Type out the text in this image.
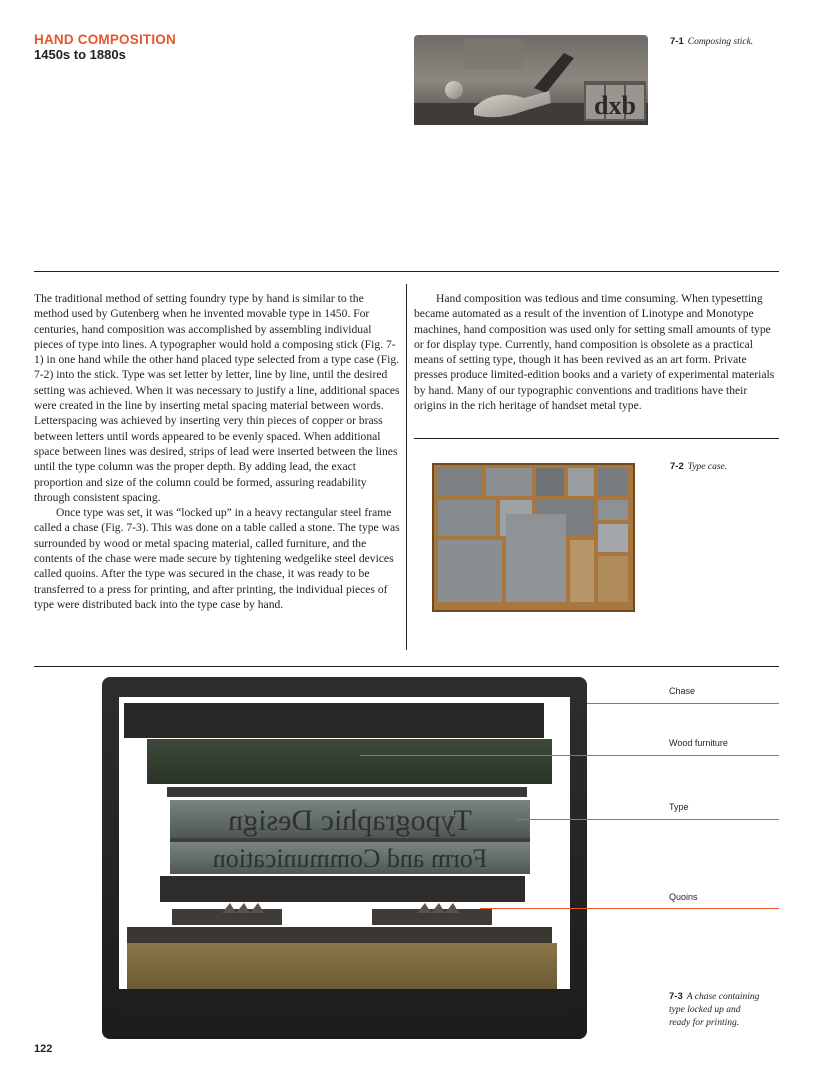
HAND COMPOSITION
1450s to 1880s
dxb
7-1 Composing stick.

The traditional method of setting foundry type by hand is similar to the method used by Gutenberg when he invented movable type in 1450. For centuries, hand composition was accomplished by assembling individual pieces of type into lines. A typographer would hold a composing stick (Fig. 7-1) in one hand while the other hand placed type selected from a type case (Fig. 7-2) into the stick. Type was set letter by letter, line by line, until the desired setting was achieved. When it was necessary to justify a line, additional spaces were created in the line by inserting metal spacing material between words. Letterspacing was achieved by inserting very thin pieces of copper or brass between letters until words appeared to be evenly spaced. When additional space between lines was desired, strips of lead were inserted between the lines until the type column was the proper depth. By adding lead, the exact proportion and size of the column could be formed, assuring readability through consistent spacing.

Once type was set, it was “locked up” in a heavy rectangular steel frame called a chase (Fig. 7-3). This was done on a table called a stone. The type was surrounded by wood or metal spacing material, called furniture, and the contents of the chase were made secure by tightening wedgelike steel devices called quoins. After the type was secured in the chase, it was ready to be transferred to a press for printing, and after printing, the individual pieces of type were distributed back into the type case by hand.

Hand composition was tedious and time consuming. When typesetting became automated as a result of the invention of Linotype and Monotype machines, hand composition was used only for setting small amounts of type or for display type. Currently, hand composition is obsolete as a practical means of setting type, though it has been revived as an art form. Private presses produce limited-edition books and a variety of experimental materials by hand. Many of our typographic conventions and traditions have their origins in the rich heritage of handset metal type.

7-2 Type case.
Typographic Design
Form and Communication
Chase
Wood furniture
Type
Quoins
7-3 A chase containing
type locked up and
ready for printing.
122
